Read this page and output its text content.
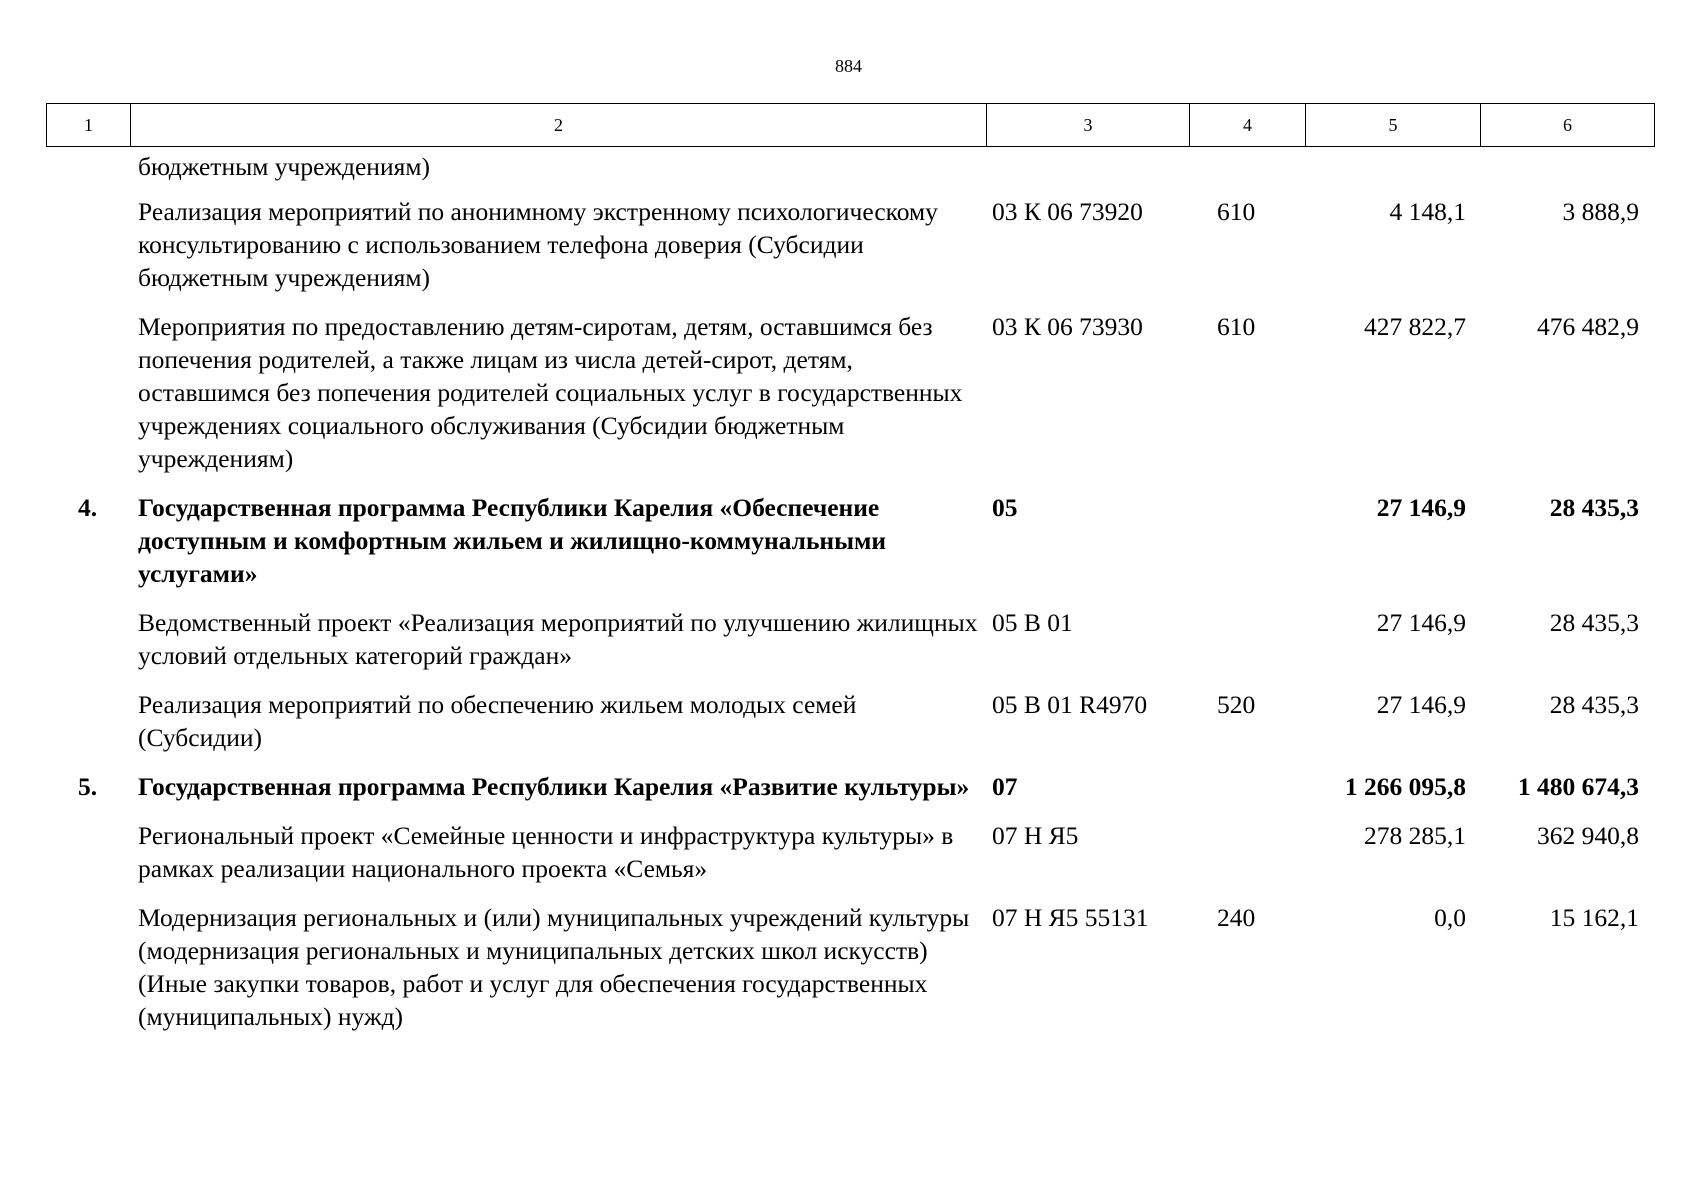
884
1	2	3	4	5	6
	бюджетным учреждениям)				
	Реализация мероприятий по анонимному экстренному психологическому консультированию с использованием телефона доверия (Субсидии бюджетным учреждениям)	03 К 06 73920	610	4 148,1	3 888,9
	Мероприятия по предоставлению детям-сиротам, детям, оставшимся без попечения родителей, а также лицам из числа детей-сирот, детям, оставшимся без попечения родителей социальных услуг в государственных учреждениях социального обслуживания (Субсидии бюджетным учреждениям)	03 К 06 73930	610	427 822,7	476 482,9
4.	Государственная программа Республики Карелия «Обеспечение доступным и комфортным жильем и жилищно-коммунальными услугами»	05		27 146,9	28 435,3
	Ведомственный проект «Реализация мероприятий по улучшению жилищных условий отдельных категорий граждан»	05 В 01		27 146,9	28 435,3
	Реализация мероприятий по обеспечению жильем молодых семей (Субсидии)	05 В 01 R4970	520	27 146,9	28 435,3
5.	Государственная программа Республики Карелия «Развитие культуры»	07		1 266 095,8	1 480 674,3
	Региональный проект «Семейные ценности и инфраструктура культуры» в рамках реализации национального проекта «Семья»	07 Н Я5		278 285,1	362 940,8
	Модернизация региональных и (или) муниципальных учреждений культуры (модернизация региональных и муниципальных детских школ искусств) (Иные закупки товаров, работ и услуг для обеспечения государственных (муниципальных) нужд)	07 Н Я5 55131	240	0,0	15 162,1
